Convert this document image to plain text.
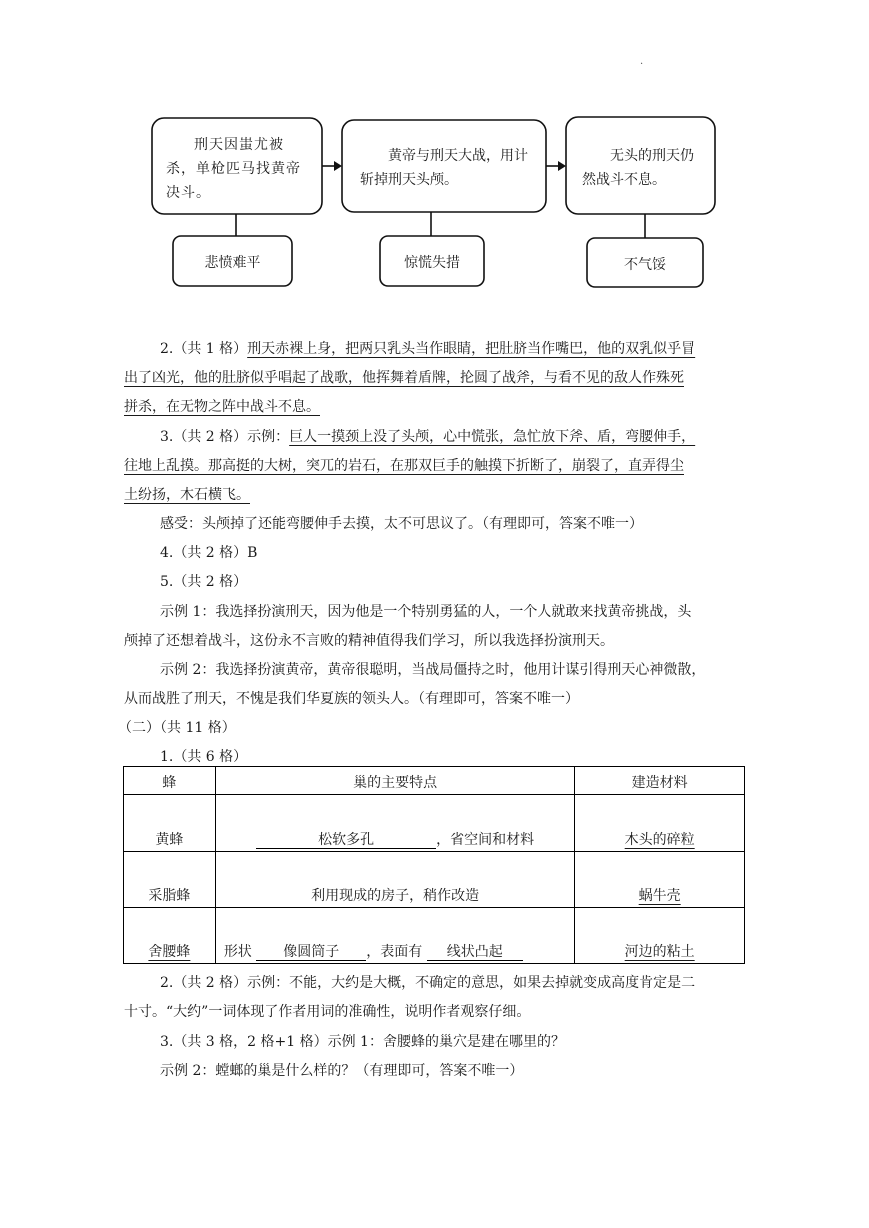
.
刑天因蚩尤被杀，单枪匹马找黄帝决斗。
黄帝与刑天大战，用计斩掉刑天头颅。
无头的刑天仍然战斗不息。
悲愤难平	惊慌失措	不气馁
2.（共 1 格）刑天赤裸上身，把两只乳头当作眼睛，把肚脐当作嘴巴，他的双乳似乎冒
出了凶光，他的肚脐似乎唱起了战歌，他挥舞着盾牌，抡圆了战斧，与看不见的敌人作殊死
拼杀，在无物之阵中战斗不息。
3.（共 2 格）示例：巨人一摸颈上没了头颅，心中慌张，急忙放下斧、盾，弯腰伸手，
往地上乱摸。那高挺的大树，突兀的岩石，在那双巨手的触摸下折断了，崩裂了，直弄得尘
土纷扬，木石横飞。
感受：头颅掉了还能弯腰伸手去摸，太不可思议了。（有理即可，答案不唯一）
4.（共 2 格）B
5.（共 2 格）
示例 1：我选择扮演刑天，因为他是一个特别勇猛的人，一个人就敢来找黄帝挑战，头
颅掉了还想着战斗，这份永不言败的精神值得我们学习，所以我选择扮演刑天。
示例 2：我选择扮演黄帝，黄帝很聪明，当战局僵持之时，他用计谋引得刑天心神微散，
从而战胜了刑天，不愧是我们华夏族的领头人。（有理即可，答案不唯一）
（二）（共 11 格）
1.（共 6 格）
蜂	巢的主要特点	建造材料
黄蜂	松软多孔 ，省空间和材料	木头的碎粒
采脂蜂	利用现成的房子，稍作改造	蜗牛壳
舍腰蜂	形状 像圆筒子 ，表面有 线状凸起	河边的粘土
2.（共 2 格）示例：不能，大约是大概，不确定的意思，如果去掉就变成高度肯定是二
十寸。“大约”一词体现了作者用词的准确性，说明作者观察仔细。
3.（共 3 格，2 格+1 格）示例 1：舍腰蜂的巢穴是建在哪里的？
示例 2：螳螂的巢是什么样的？（有理即可，答案不唯一）
